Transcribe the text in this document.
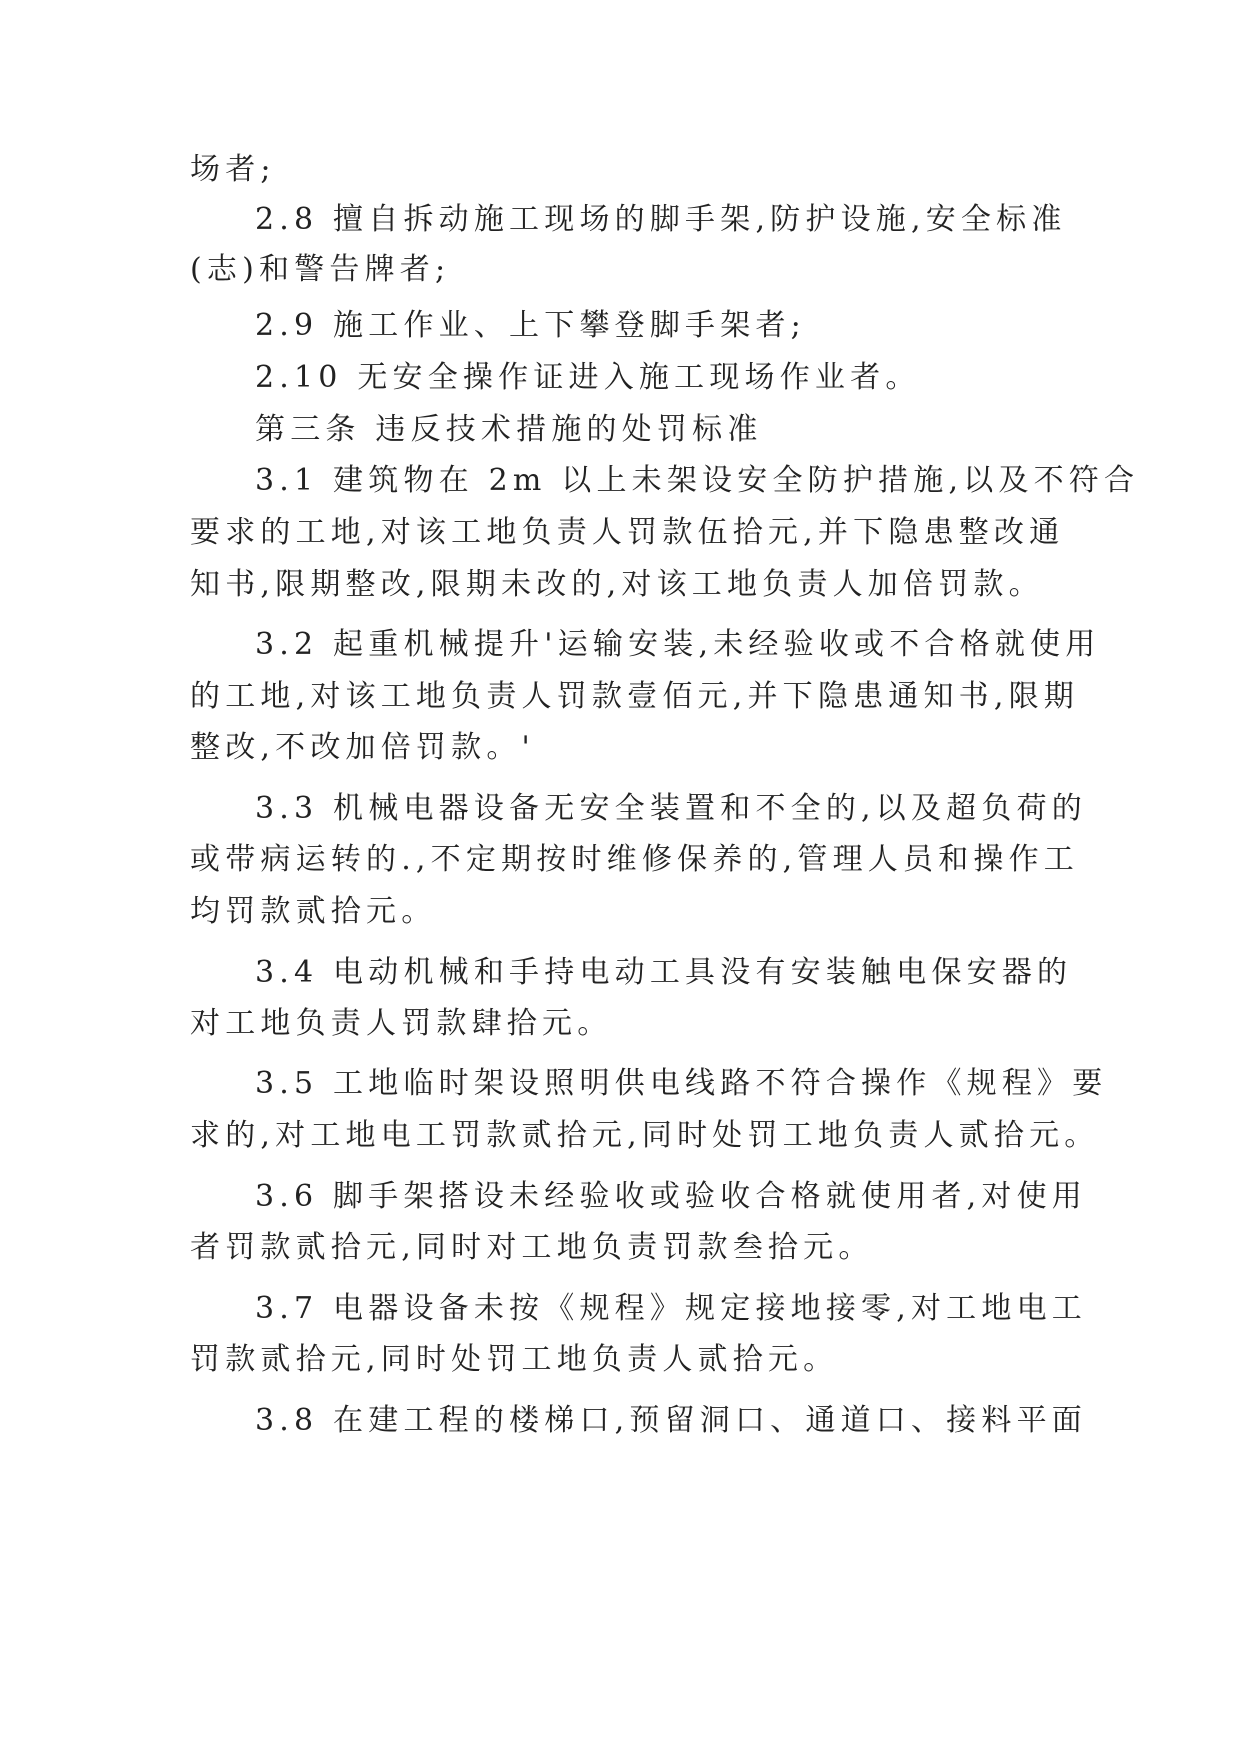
场者;

2.8 擅自拆动施工现场的脚手架,防护设施,安全标准

(志)和警告牌者;

2.9 施工作业、上下攀登脚手架者;

2.10 无安全操作证进入施工现场作业者。

第三条 违反技术措施的处罚标准

3.1 建筑物在 2m 以上未架设安全防护措施,以及不符合

要求的工地,对该工地负责人罚款伍拾元,并下隐患整改通

知书,限期整改,限期未改的,对该工地负责人加倍罚款。

3.2 起重机械提升'运输安装,未经验收或不合格就使用

的工地,对该工地负责人罚款壹佰元,并下隐患通知书,限期

整改,不改加倍罚款。'

3.3 机械电器设备无安全装置和不全的,以及超负荷的

或带病运转的.,不定期按时维修保养的,管理人员和操作工

均罚款贰拾元。

3.4 电动机械和手持电动工具没有安装触电保安器的

对工地负责人罚款肆拾元。

3.5 工地临时架设照明供电线路不符合操作《规程》要

求的,对工地电工罚款贰拾元,同时处罚工地负责人贰拾元。

3.6 脚手架搭设未经验收或验收合格就使用者,对使用

者罚款贰拾元,同时对工地负责罚款叁拾元。

3.7 电器设备未按《规程》规定接地接零,对工地电工

罚款贰拾元,同时处罚工地负责人贰拾元。

3.8 在建工程的楼梯口,预留洞口、通道口、接料平面
